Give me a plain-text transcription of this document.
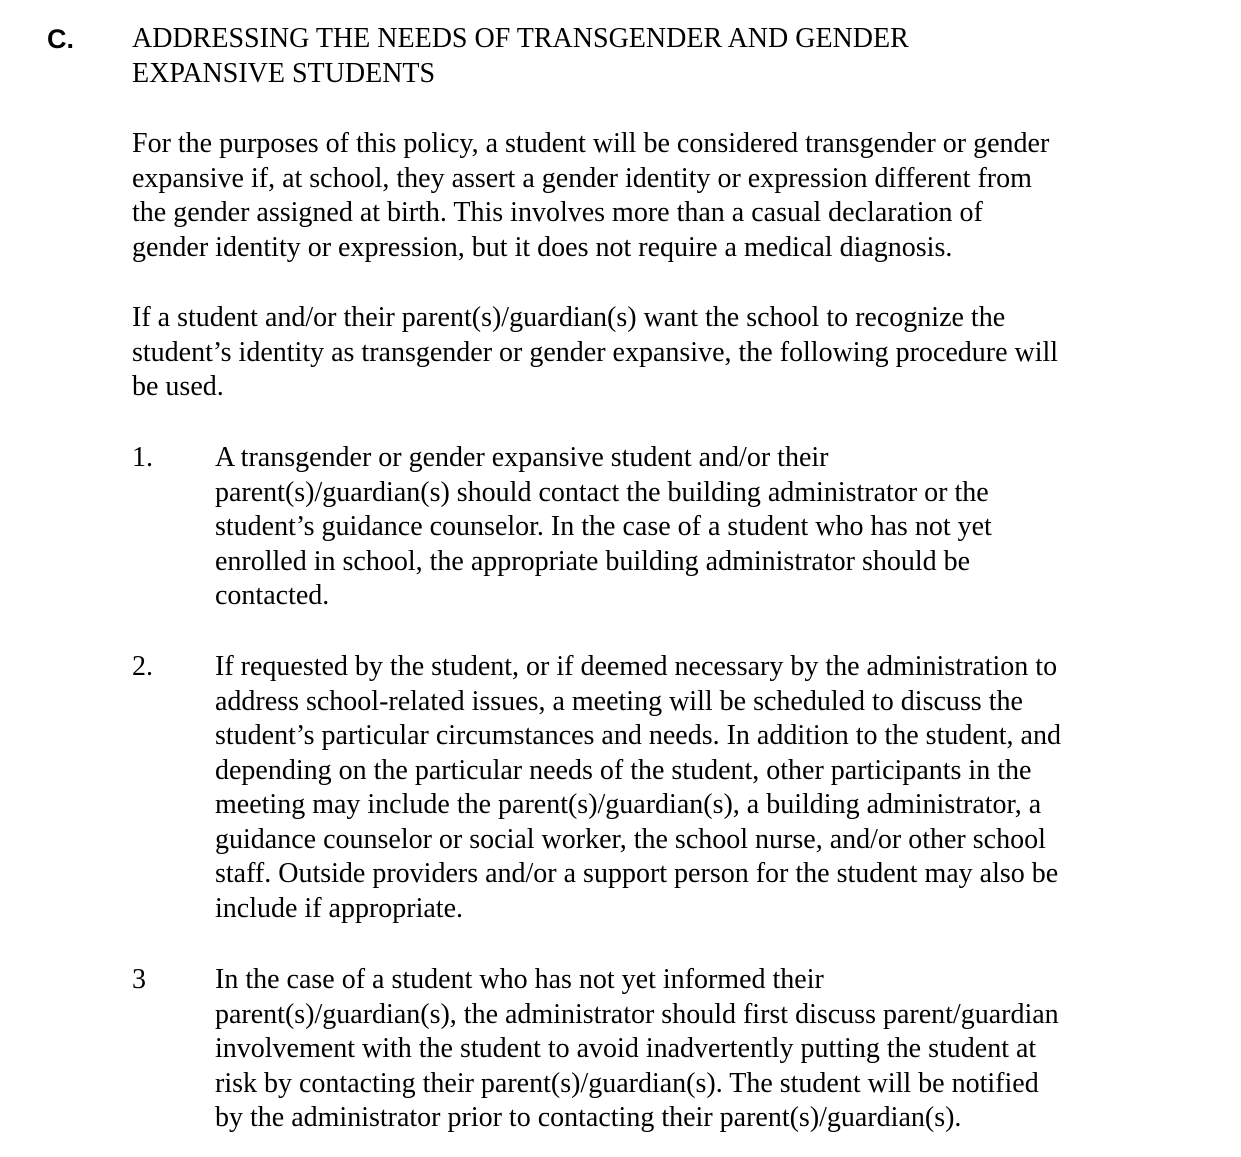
C. ADDRESSING THE NEEDS OF TRANSGENDER AND GENDER
EXPANSIVE STUDENTS

For the purposes of this policy, a student will be considered transgender or gender
expansive if, at school, they assert a gender identity or expression different from
the gender assigned at birth. This involves more than a casual declaration of
gender identity or expression, but it does not require a medical diagnosis.

If a student and/or their parent(s)/guardian(s) want the school to recognize the
student’s identity as transgender or gender expansive, the following procedure will
be used.

1. A transgender or gender expansive student and/or their
parent(s)/guardian(s) should contact the building administrator or the
student’s guidance counselor. In the case of a student who has not yet
enrolled in school, the appropriate building administrator should be
contacted.

2. If requested by the student, or if deemed necessary by the administration to
address school-related issues, a meeting will be scheduled to discuss the
student’s particular circumstances and needs. In addition to the student, and
depending on the particular needs of the student, other participants in the
meeting may include the parent(s)/guardian(s), a building administrator, a
guidance counselor or social worker, the school nurse, and/or other school
staff. Outside providers and/or a support person for the student may also be
include if appropriate.

3 In the case of a student who has not yet informed their
parent(s)/guardian(s), the administrator should first discuss parent/guardian
involvement with the student to avoid inadvertently putting the student at
risk by contacting their parent(s)/guardian(s). The student will be notified
by the administrator prior to contacting their parent(s)/guardian(s).
